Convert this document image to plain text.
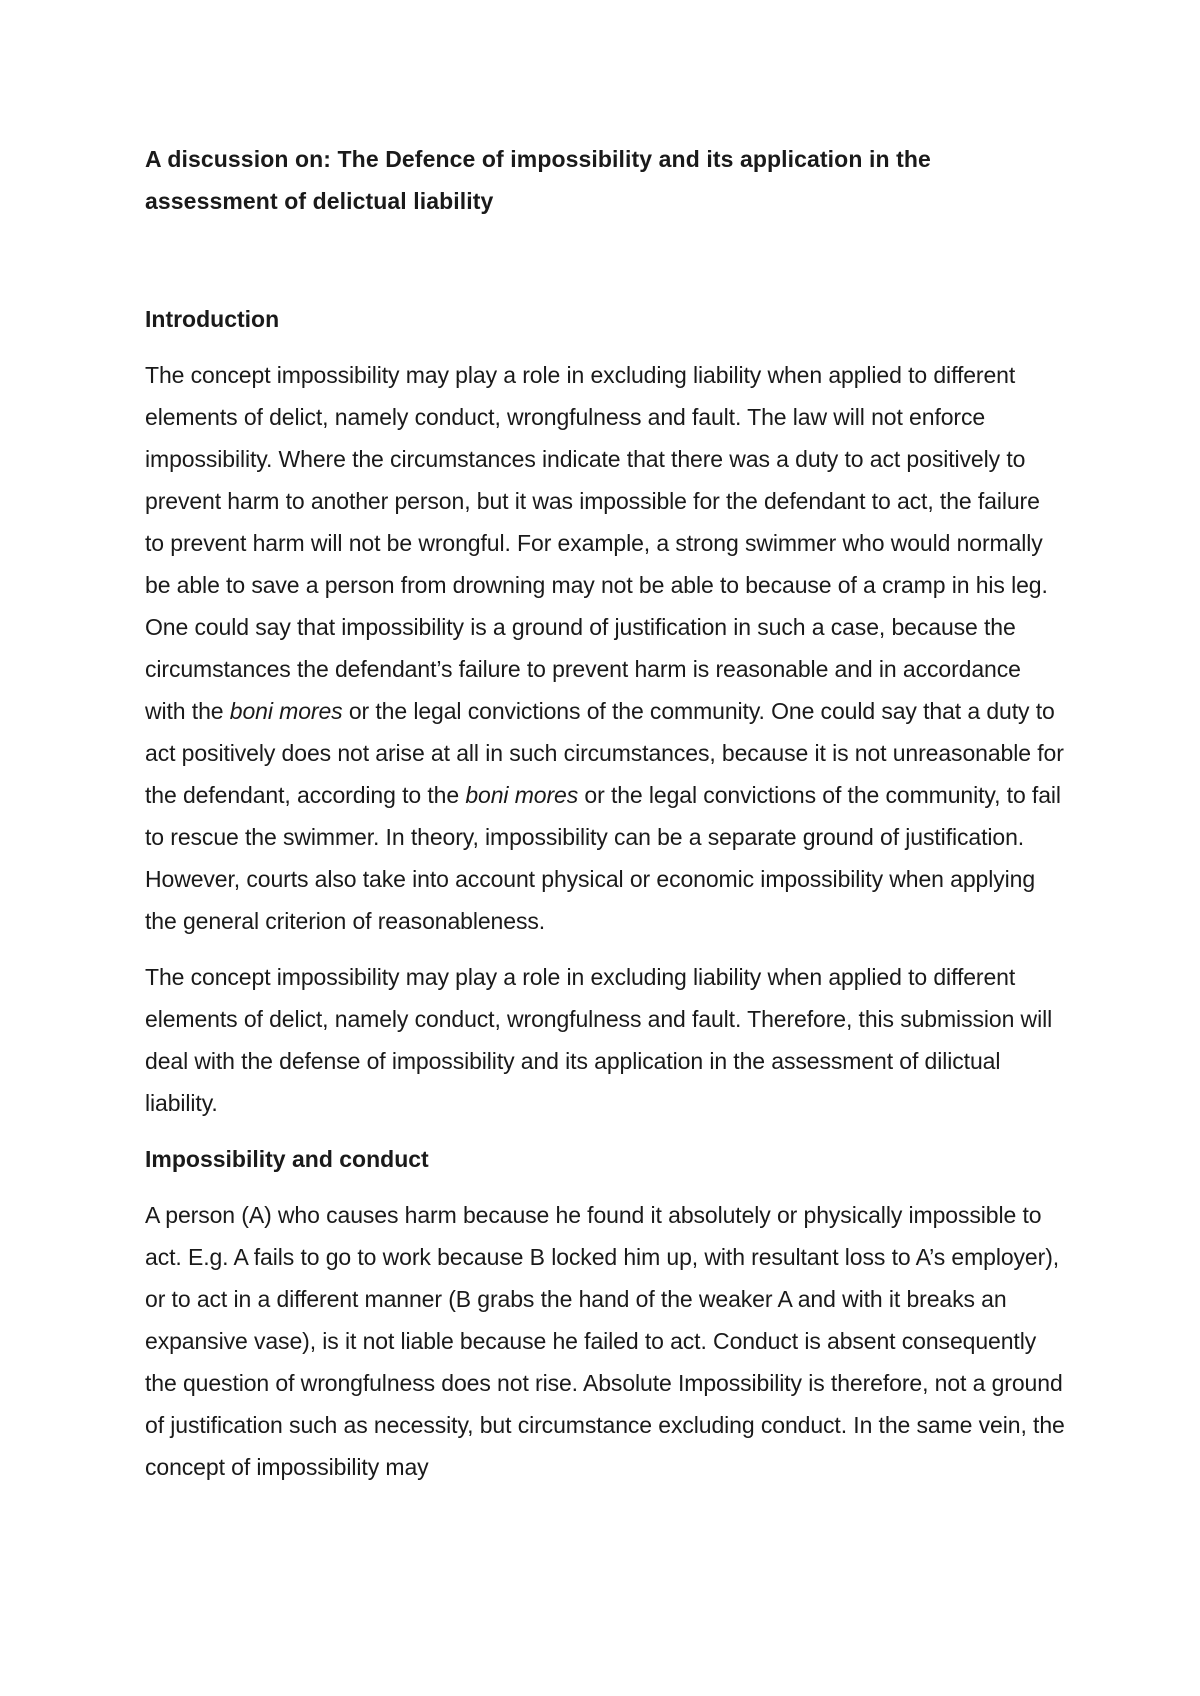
A discussion on: The Defence of impossibility and its application in the assessment of delictual liability
Introduction

The concept impossibility may play a role in excluding liability when applied to different elements of delict, namely conduct, wrongfulness and fault. The law will not enforce impossibility. Where the circumstances indicate that there was a duty to act positively to prevent harm to another person, but it was impossible for the defendant to act, the failure to prevent harm will not be wrongful. For example, a strong swimmer who would normally be able to save a person from drowning may not be able to because of a cramp in his leg. One could say that impossibility is a ground of justification in such a case, because the circumstances the defendant’s failure to prevent harm is reasonable and in accordance with the boni mores or the legal convictions of the community. One could say that a duty to act positively does not arise at all in such circumstances, because it is not unreasonable for the defendant, according to the boni mores or the legal convictions of the community, to fail to rescue the swimmer. In theory, impossibility can be a separate ground of justification. However, courts also take into account physical or economic impossibility when applying the general criterion of reasonableness.

The concept impossibility may play a role in excluding liability when applied to different elements of delict, namely conduct, wrongfulness and fault. Therefore, this submission will deal with the defense of impossibility and its application in the assessment of dilictual liability.

Impossibility and conduct

A person (A) who causes harm because he found it absolutely or physically impossible to act. E.g. A fails to go to work because B locked him up, with resultant loss to A’s employer), or to act in a different manner (B grabs the hand of the weaker A and with it breaks an expansive vase), is it not liable because he failed to act. Conduct is absent consequently the question of wrongfulness does not rise. Absolute Impossibility is therefore, not a ground of justification such as necessity, but circumstance excluding conduct. In the same vein, the concept of impossibility may
